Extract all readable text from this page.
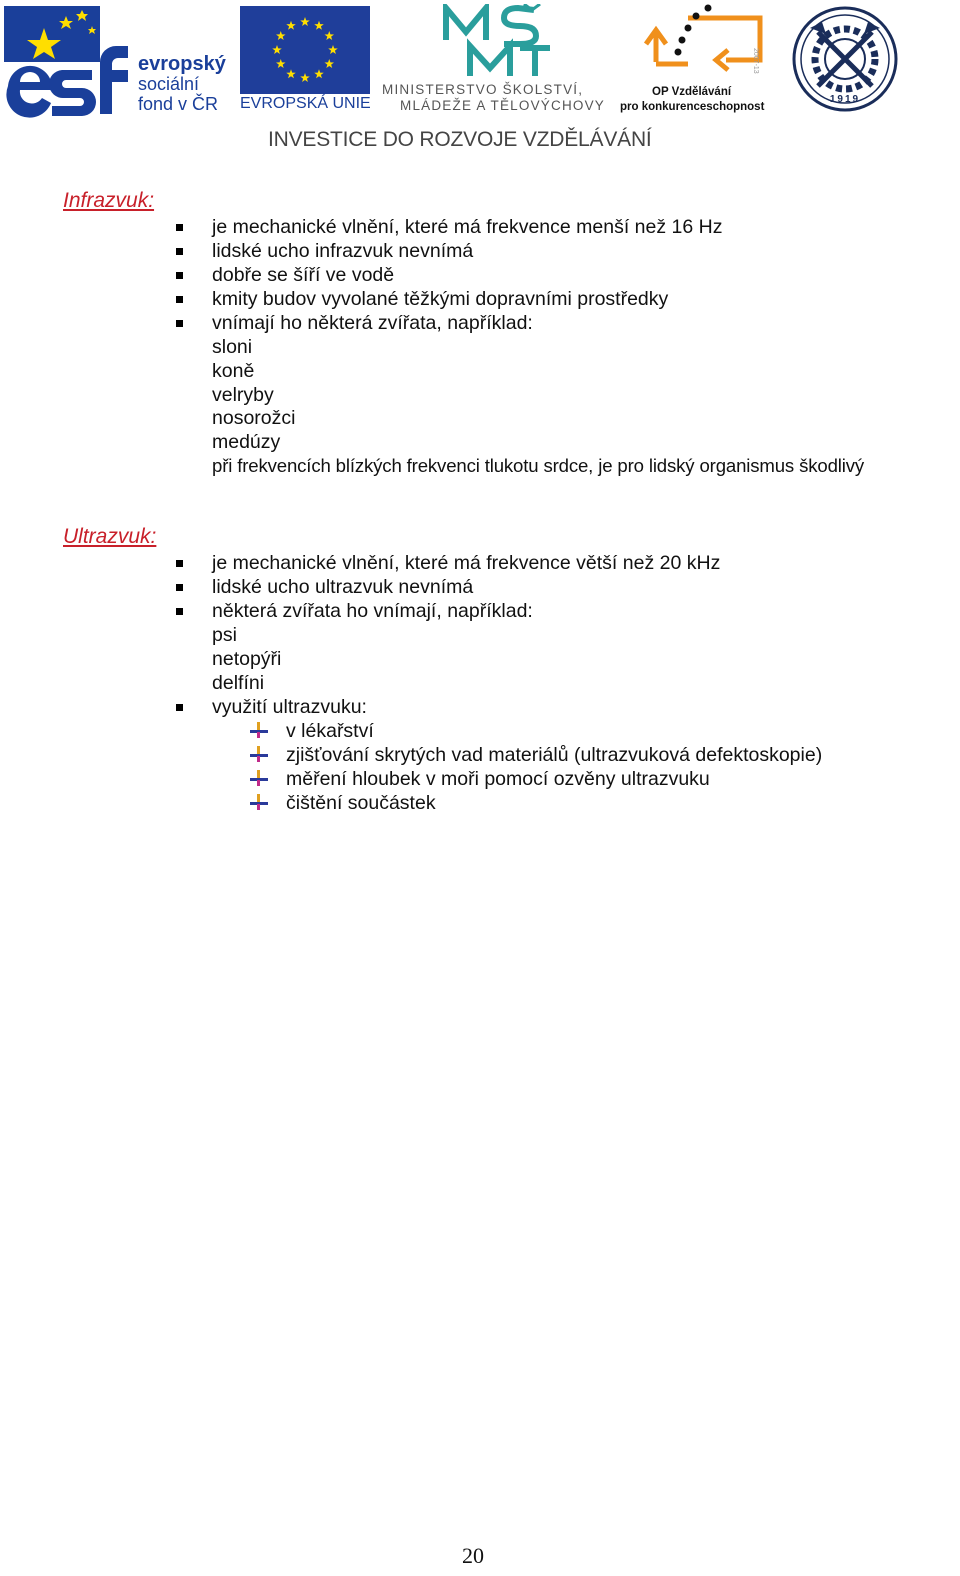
evropský
sociální
fond v ČR	EVROPSKÁ UNIE
MINISTERSTVO ŠKOLSTVÍ,
MLÁDEŽE A TĚLOVÝCHOVY
2007-13
OP Vzdělávání
pro konkurenceschopnost
1919
INVESTICE DO ROZVOJE VZDĚLÁVÁNÍ
Infrazvuk:
je mechanické vlnění, které má frekvence menší než 16 Hz
lidské ucho infrazvuk nevnímá
dobře se šíří ve vodě
kmity budov vyvolané těžkými dopravními prostředky
vnímají ho některá zvířata, například:
sloni
koně
velryby
nosorožci
medúzy
při frekvencích blízkých frekvenci tlukotu srdce, je pro lidský organismus škodlivý
Ultrazvuk:
je mechanické vlnění, které má frekvence větší než 20 kHz
lidské ucho ultrazvuk nevnímá
některá zvířata ho vnímají, například:
psi
netopýři
delfíni
využití ultrazvuku:
v lékařství
zjišťování skrytých vad materiálů (ultrazvuková defektoskopie)
měření hloubek v moři pomocí ozvěny ultrazvuku
čištění součástek
20
